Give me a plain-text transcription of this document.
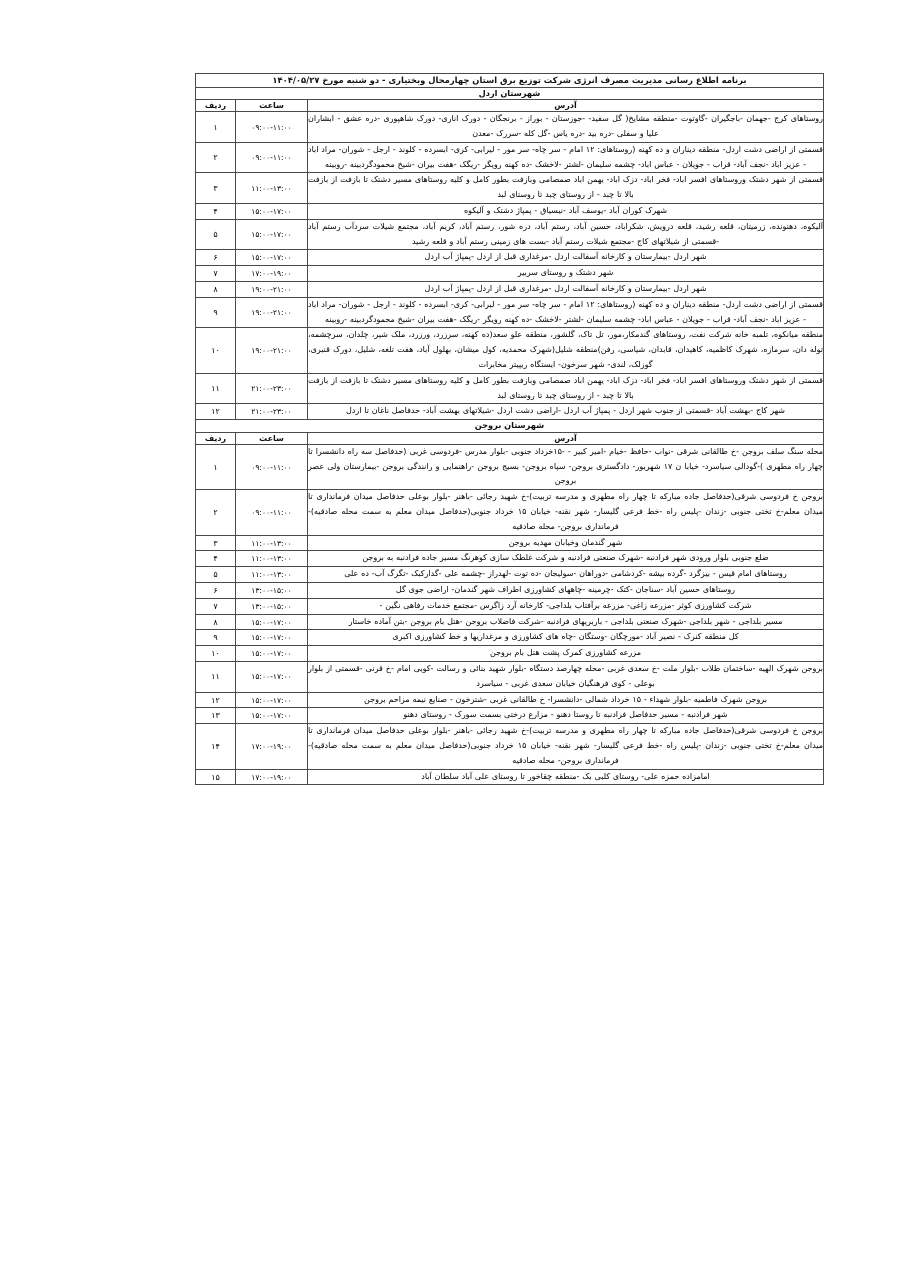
برنامه اطلاع رسانی مدیریت مصرف انرژی شرکت توزیع برق استان چهارمحال وبختیاری - دو شنبه مورخ ۱۴۰۴/۰۵/۲۷		
شهرستان اردل		
آدرس	ساعت	ردیف
روستاهای کرج -جهمان -باجگیران -گاوتوت -منطقه مشایخ( گل سفید- -جوزستان - بوراز - برنجگان - دورک اناری- دورک شاهپوری -دره عشق - ابشاران علیا و سفلی -دره بید -دره یاس -گل کله -سررک -معدن	۰۹:۰۰-۱۱:۰۰	۱
قسمتی از اراضی دشت اردل- منطقه دیناران و ده کهنه (روستاهای: ۱۲ امام - سر چاه- سر مور - لیرابی- کری- ابسرده - کلوند - ارجل - شوران- مراد اباد - عزیز اباد -نجف آباد- قراب - جویلان - عباس اباد- چشمه سلیمان -لشتر -لاخشک -ده کهنه رویگر -ریگک -هفت بیران -شیخ محمودگردبینه -روبینه	۰۹:۰۰-۱۱:۰۰	۲
قسمتی از شهر دشتک وروستاهای افسر اباد- فخر اباد- دزک اباد- یهمن اباد صمصامی وبازفت بطور کامل و کلیه روستاهای مسیر دشتک تا بازفت از بازفت بالا تا چبد - از روستای چبد تا روستای لبد	۱۱:۰۰-۱۳:۰۰	۳
شهرک کوران آباد -یوسف آباد -نیسیاق - پمپاژ دشتک و آلیکوه	۱۵:۰۰-۱۷:۰۰	۴
آلیکوه، دهنونده، زرمیتان، قلعه رشید، قلعه درویش، شکراباد، حسین آباد، رستم آباد، دره شور، رستم آباد، کریم آباد، مجتمع شیلات سردآب رستم آباد -قسمتی از شیلاتهای کاج -مجتمع شیلات رستم آباد -بست های زمینی رستم آباد و قلعه رشید	۱۵:۰۰-۱۷:۰۰	۵
شهر اردل -بیمارستان و کارخانه آسفالت اردل -مرغداری قبل از اردل -پمپاژ آب اردل	۱۵:۰۰-۱۷:۰۰	۶
شهر دشتک و روستای سربیر	۱۷:۰۰-۱۹:۰۰	۷
شهر اردل -بیمارستان و کارخانه آسفالت اردل -مرغداری قبل از اردل -پمپاژ آب اردل	۱۹:۰۰-۲۱:۰۰	۸
قسمتی از اراضی دشت اردل- منطقه دیناران و ده کهنه (روستاهای: ۱۲ امام - سر چاه- سر مور - لیرابی- کری- ابسرده - کلوند - ارجل - شوران- مراد اباد - عزیز اباد -نجف آباد- قراب - جویلان - عباس اباد- چشمه سلیمان -لشتر -لاخشک -ده کهنه رویگر -ریگک -هفت بیران -شیخ محمودگردبینه -روبینه	۱۹:۰۰-۲۱:۰۰	۹
منطقه میانکوه، تلمبه خانه شرکت نفت، روستاهای گندمکار،مور، تل تاک، گلشور، منطقه علو سعد(ده کهنه، سرزرد، ورزرد، ملک شیر، چلدان، سرچشمه، توله دان، سرمازه، شهرک کاظمیه، کاهیدان، قابدان، شیاسی، رفن)منطقه شلیل(شهرک محمدیه، کول میشان، بهلول آباد، هفت تلغه، شلیل، دورک قنبری، گوزلک، لندی- شهر سرخون- ایستگاه ریپیتر مخابرات	۱۹:۰۰-۲۱:۰۰	۱۰
قسمتی از شهر دشتک وروستاهای افسر اباد- فخر اباد- دزک اباد- یهمن اباد صمصامی وبازفت بطور کامل و کلیه روستاهای مسیر دشتک تا بازفت از بازفت بالا تا چبد - از روستای چبد تا روستای لبد	۲۱:۰۰-۲۳:۰۰	۱۱
شهر کاج -بهشت آباد -قسمتی از جنوب شهر اردل - پمپاژ آب اردل -اراضی دشت اردل -شیلاتهای بهشت آباد- حدفاصل ناغان تا اردل	۲۱:۰۰-۲۳:۰۰	۱۲
شهرستان بروجن		
آدرس	ساعت	ردیف
محله سنگ سلف بروجن -خ طالقانی شرقی -نواب -حافظ -خیام -امیر کبیر - -۱۵خرداد جنوبی -بلوار مدرس -فردوسی غربی (حدفاصل سه راه دانشسرا تا چهار راه مطهری )-گودالی سیاسرد- خیابا ن ۱۷ شهریور- دادگستری بروجن- سپاه بروجن- بسیج بروجن -راهنمایی و رانندگی بروجن -بیمارستان ولی عصر بروجن	۰۹:۰۰-۱۱:۰۰	۱
بروجن خ فردوسی شرقی(حدفاصل جاده مبارکه تا چهار راه مطهری و مدرسه تربیت)-خ شهید رجائی -باهنر -بلوار بوعلی حدفاصل میدان فرمانداری تا میدان معلم-خ تختی جنوبی -زندان -پلیس راه -خط فرعی گلیسار- شهر نقنه- خیابان ۱۵ خرداد جنوبی(حدفاصل میدان معلم به سمت محله صادقیه)- فرمانداری بروجن- محله صادقیه	۰۹:۰۰-۱۱:۰۰	۲
شهر گندمان وخیابان مهدیه بروجن	۱۱:۰۰-۱۳:۰۰	۳
ضلع جنوبی بلوار ورودی شهر فرادنبه -شهرک صنعتی فرادنبه و شرکت غلطک سازی کوهرنگ مسیر جاده فرادنبه به بروجن	۱۱:۰۰-۱۳:۰۰	۴
روستاهای امام قیس - بیزگرد -گرده بیشه -کردشامی -دوراهان -سولیجان -ده توت -لهدراز -چشمه علی -گدارکبک -تگرگ آب- ده علی	۱۱:۰۰-۱۳:۰۰	۵
روستاهای حسین آباد -سناجان -کتک -چرمینه -چاههای کشاورزی اطراف شهر گندمان- اراضی جوی گل	۱۳:۰۰-۱۵:۰۰	۶
شرکت کشاورزی کوثر -مزرعه زاغی- مزرعه برآفتاب بلداجی- کارخانه آرد زاگرس -مجتمع خدمات رفاهی نگین -	۱۳:۰۰-۱۵:۰۰	۷
مسیر بلداجی - شهر بلداجی -شهرک صنعتی بلداجی - باربریهای فرادنبه -شرکت فاضلاب بروجن -هتل بام بروجن -بتن آماده خاستار	۱۵:۰۰-۱۷:۰۰	۸
کل منطقه کنرک - نصیر آباد -مورچگان -وستگان -چاه های کشاورزی و مرغداریها و خط کشاورزی اکبری	۱۵:۰۰-۱۷:۰۰	۹
مزرعه کشاورزی کمرک پشت هتل بام بروجن	۱۵:۰۰-۱۷:۰۰	۱۰
بروجن شهرک الهیه -ساختمان طلاب -بلوار ملت -خ سعدی غربی -محله چهارصد دستگاه -بلوار شهید بنائی و رسالت -کویی امام -خ قرنی -قسمتی از بلوار بوعلی - کوی فرهنگیان خیابان سعدی غربی - سیاسرد	۱۵:۰۰-۱۷:۰۰	۱۱
بروجن شهرک فاطمیه -بلوار شهداء - ۱۵ خرداد شمالی -دانشسرا- خ طالقانی غربی -شترخون - صنایع نیمه مزاحم بروجن	۱۵:۰۰-۱۷:۰۰	۱۲
شهر فرادنبه - مسیر حدفاصل فرادنبه تا روستا دهنو - مزارع درختی بسمت سورک - روستای دهنو	۱۵:۰۰-۱۷:۰۰	۱۳
بروجن خ فردوسی شرقی(حدفاصل جاده مبارکه تا چهار راه مطهری و مدرسه تربیت)-خ شهید رجائی -باهنر -بلوار بوعلی حدفاصل میدان فرمانداری تا میدان معلم-خ تختی جنوبی -زندان -پلیس راه -خط فرعی گلیسار- شهر نقنه- خیابان ۱۵ خرداد جنوبی(حدفاصل میدان معلم به سمت محله صادقیه)- فرمانداری بروجن- محله صادقیه	۱۷:۰۰-۱۹:۰۰	۱۴
امامزاده حمزه علی- روستای کلبی بک -منطقه چقاخور تا روستای علی آباد سلطان آباد	۱۷:۰۰-۱۹:۰۰	۱۵
